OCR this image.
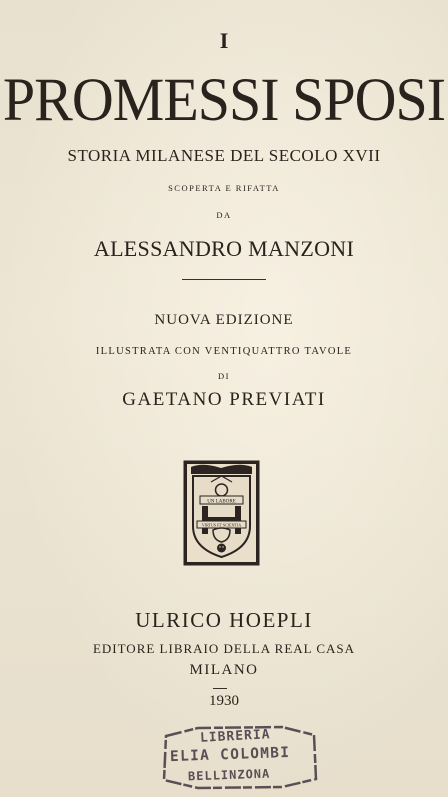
I
PROMESSI SPOSI
STORIA MILANESE DEL SECOLO XVII
SCOPERTA E RIFATTA
DA
ALESSANDRO MANZONI
NUOVA EDIZIONE
ILLUSTRATA CON VENTIQUATTRO TAVOLE
DI
GAETANO PREVIATI
UN LABORE
VIRTUS ET SCIENTIA
ULRICO HOEPLI
EDITORE LIBRAIO DELLA REAL CASA
MILANO
1930
LIBRERIA
ELIA COLOMBI
BELLINZONA
